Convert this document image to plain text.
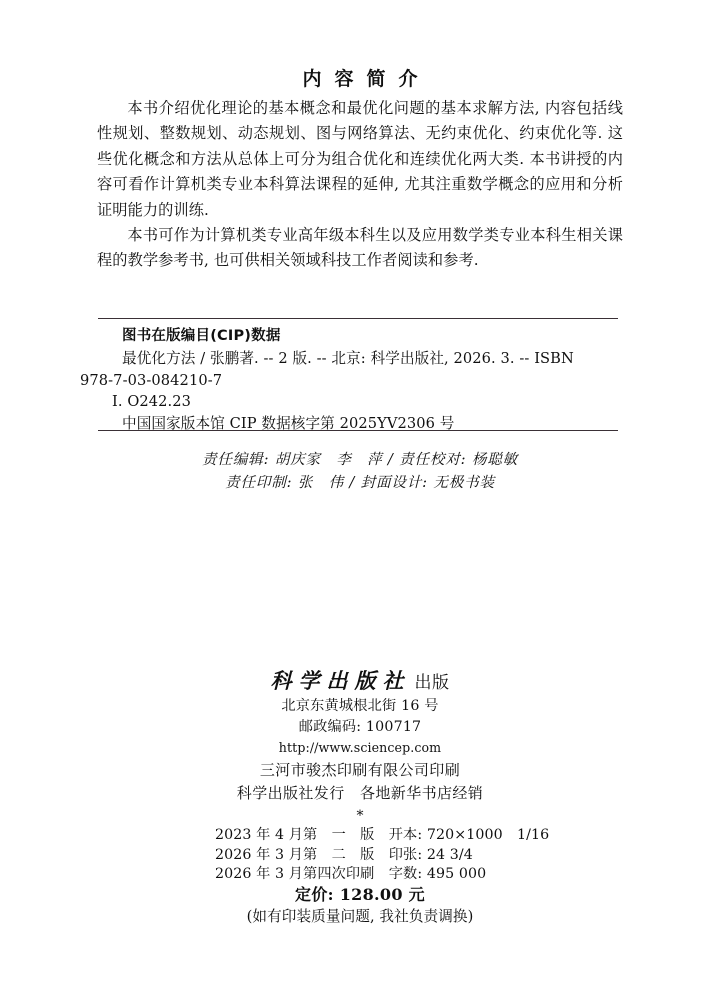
内容简介

本书介绍优化理论的基本概念和最优化问题的基本求解方法, 内容包括线性规划、整数规划、动态规划、图与网络算法、无约束优化、约束优化等. 这些优化概念和方法从总体上可分为组合优化和连续优化两大类. 本书讲授的内容可看作计算机类专业本科算法课程的延伸, 尤其注重数学概念的应用和分析证明能力的训练.

本书可作为计算机类专业高年级本科生以及应用数学类专业本科生相关课程的教学参考书, 也可供相关领域科技工作者阅读和参考.

图书在版编目(CIP)数据
最优化方法 / 张鹏著. -- 2 版. -- 北京: 科学出版社, 2026. 3. -- ISBN
978-7-03-084210-7
Ⅰ. O242.23
中国国家版本馆 CIP 数据核字第 2025YV2306 号
责任编辑: 胡庆家　李　萍 / 责任校对: 杨聪敏
责任印制: 张　伟 / 封面设计: 无极书装
科学出版社 出版
北京东黄城根北街 16 号
邮政编码: 100717
http://www.sciencep.com
三河市骏杰印刷有限公司印刷
科学出版社发行　各地新华书店经销
*
2023 年 4 月第　一　版　开本: 720×1000　1/16
2026 年 3 月第　二　版　印张: 24 3/4
2026 年 3 月第四次印刷　字数: 495 000
定价: 128.00 元
(如有印装质量问题, 我社负责调换)
